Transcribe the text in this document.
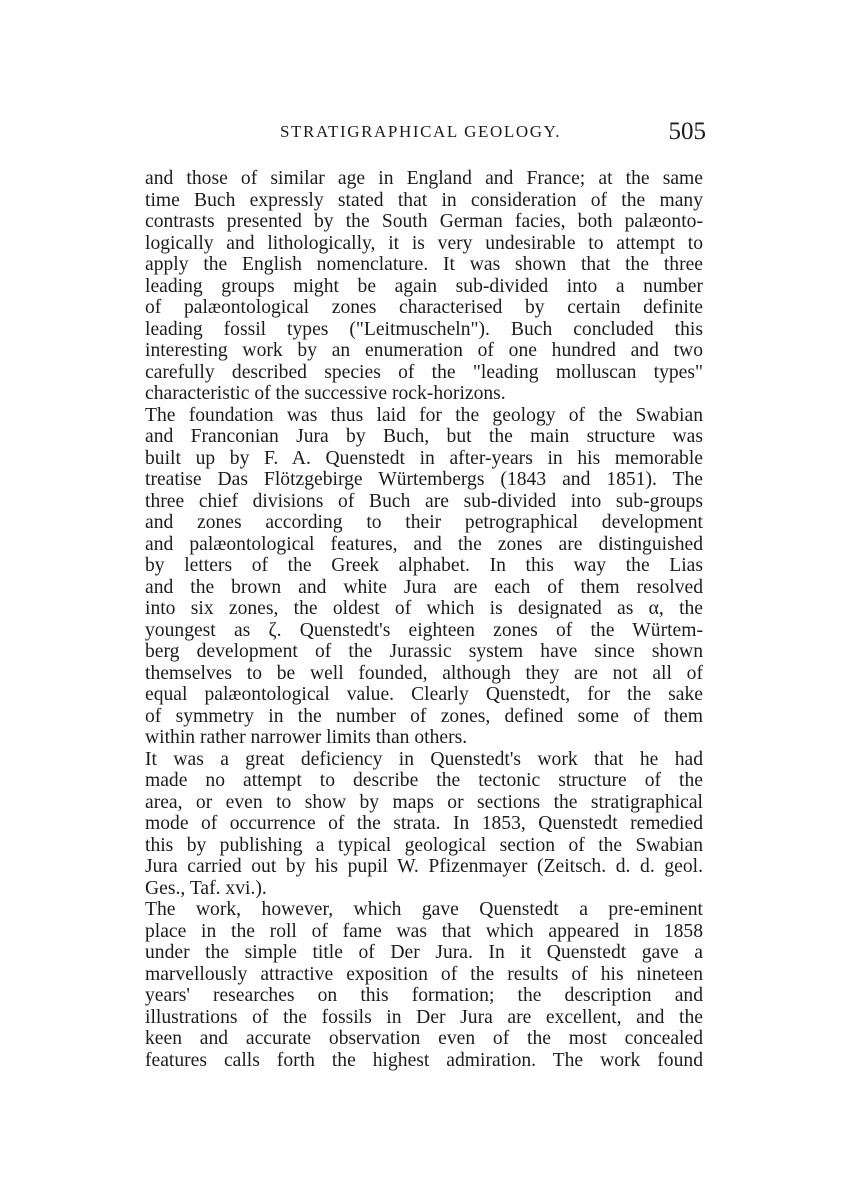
STRATIGRAPHICAL GEOLOGY.	505
and those of similar age in England and France; at the same
time Buch expressly stated that in consideration of the many
contrasts presented by the South German facies, both palæonto-
logically and lithologically, it is very undesirable to attempt to
apply the English nomenclature. It was shown that the three
leading groups might be again sub-divided into a number
of palæontological zones characterised by certain definite
leading fossil types ("Leitmuscheln"). Buch concluded this
interesting work by an enumeration of one hundred and two
carefully described species of the "leading molluscan types"
characteristic of the successive rock-horizons.
The foundation was thus laid for the geology of the Swabian
and Franconian Jura by Buch, but the main structure was
built up by F. A. Quenstedt in after-years in his memorable
treatise Das Flötzgebirge Würtembergs (1843 and 1851). The
three chief divisions of Buch are sub-divided into sub-groups
and zones according to their petrographical development
and palæontological features, and the zones are distinguished
by letters of the Greek alphabet. In this way the Lias
and the brown and white Jura are each of them resolved
into six zones, the oldest of which is designated as α, the
youngest as ζ. Quenstedt's eighteen zones of the Würtem-
berg development of the Jurassic system have since shown
themselves to be well founded, although they are not all of
equal palæontological value. Clearly Quenstedt, for the sake
of symmetry in the number of zones, defined some of them
within rather narrower limits than others.
It was a great deficiency in Quenstedt's work that he had
made no attempt to describe the tectonic structure of the
area, or even to show by maps or sections the stratigraphical
mode of occurrence of the strata. In 1853, Quenstedt remedied
this by publishing a typical geological section of the Swabian
Jura carried out by his pupil W. Pfizenmayer (Zeitsch. d. d. geol.
Ges., Taf. xvi.).
The work, however, which gave Quenstedt a pre-eminent
place in the roll of fame was that which appeared in 1858
under the simple title of Der Jura. In it Quenstedt gave a
marvellously attractive exposition of the results of his nineteen
years' researches on this formation; the description and
illustrations of the fossils in Der Jura are excellent, and the
keen and accurate observation even of the most concealed
features calls forth the highest admiration. The work found
